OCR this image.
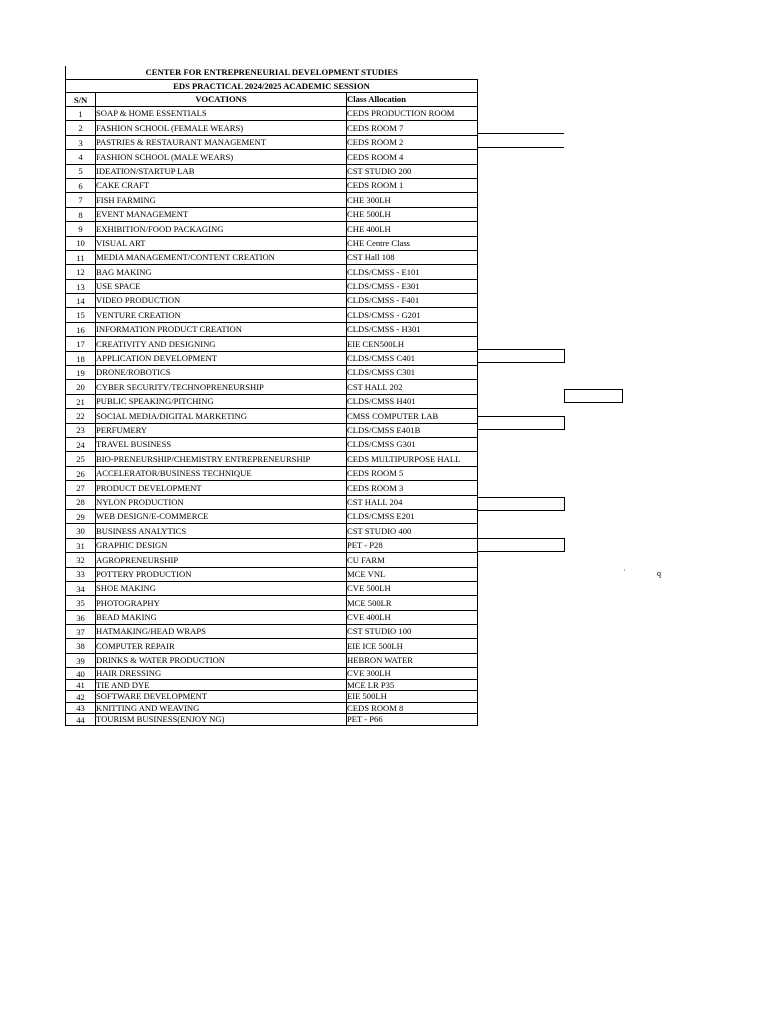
CENTER FOR ENTREPRENEURIAL DEVELOPMENT STUDIES		
EDS PRACTICAL 2024/2025 ACADEMIC SESSION		
S/N	VOCATIONS	Class Allocation
1	SOAP & HOME ESSENTIALS	CEDS PRODUCTION ROOM
2	FASHION SCHOOL (FEMALE WEARS)	CEDS ROOM 7
3	PASTRIES & RESTAURANT MANAGEMENT	CEDS ROOM 2
4	FASHION SCHOOL (MALE WEARS)	CEDS ROOM 4
5	IDEATION/STARTUP LAB	CST STUDIO 200
6	CAKE CRAFT	CEDS ROOM 1
7	FISH FARMING	CHE 300LH
8	EVENT MANAGEMENT	CHE 500LH
9	EXHIBITION/FOOD PACKAGING	CHE 400LH
10	VISUAL ART	CHE Centre Class
11	MEDIA MANAGEMENT/CONTENT CREATION	CST Hall 108
12	BAG MAKING	CLDS/CMSS - E101
13	USE SPACE	CLDS/CMSS - E301
14	VIDEO PRODUCTION	CLDS/CMSS - F401
15	VENTURE CREATION	CLDS/CMSS - G201
16	INFORMATION PRODUCT CREATION	CLDS/CMSS - H301
17	CREATIVITY AND DESIGNING	EIE CEN500LH
18	APPLICATION DEVELOPMENT	CLDS/CMSS C401
19	DRONE/ROBOTICS	CLDS/CMSS C301
20	CYBER SECURITY/TECHNOPRENEURSHIP	CST HALL 202
21	PUBLIC SPEAKING/PITCHING	CLDS/CMSS H401
22	SOCIAL MEDIA/DIGITAL MARKETING	CMSS COMPUTER LAB
23	PERFUMERY	CLDS/CMSS E401B
24	TRAVEL BUSINESS	CLDS/CMSS G301
25	BIO-PRENEURSHIP/CHEMISTRY ENTREPRENEURSHIP	CEDS MULTIPURPOSE HALL
26	ACCELERATOR/BUSINESS TECHNIQUE	CEDS ROOM 5
27	PRODUCT DEVELOPMENT	CEDS ROOM 3
28	NYLON PRODUCTION	CST HALL 204
29	WEB DESIGN/E-COMMERCE	CLDS/CMSS E201
30	BUSINESS ANALYTICS	CST STUDIO 400
31	GRAPHIC DESIGN	PET - P28
32	AGROPRENEURSHIP	CU FARM
33	POTTERY PRODUCTION	MCE VNL
34	SHOE MAKING	CVE 500LH
35	PHOTOGRAPHY	MCE 500LR
36	BEAD MAKING	CVE 400LH
37	HATMAKING/HEAD WRAPS	CST STUDIO 100
38	COMPUTER REPAIR	EIE ICE 500LH
39	DRINKS & WATER PRODUCTION	HEBRON WATER
40	HAIR DRESSING	CVE 300LH
41	TIE AND DYE	MCE LR P35
42	SOFTWARE DEVELOPMENT	EIE 500LH
43	KNITTING AND WEAVING	CEDS ROOM 8
44	TOURISM BUSINESS(ENJOY NG)	PET - P66
·	q
